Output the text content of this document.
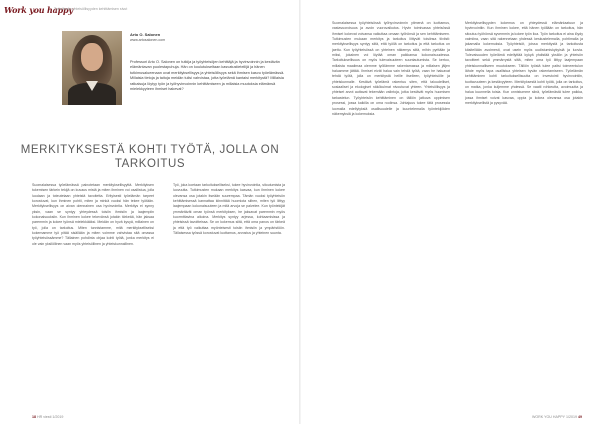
Work you happy
Työelämän yhteisöllisyyden kehittämisen sivut
Arto O. Salonen
www.artosalonen.com
Professori Arto O. Salonen on tutkija ja työyhteisöjen kehittäjä ja hyvinvoinnin ja kestävän elämäntavan puolestapuhuja. Hän on koulutukseltaan kasvatustieteilijä ja hänen tutkimusalueenaan ovat merkityksellisyys ja yhteisöllisyys sekä ihmisen kasvu työelämässä. Millaisia tietoja ja taitoja meidän tulisi vahvistaa, jotta työelämä kantaisi merkitystä? Millaisia ratkaisuja löytyy työn ja työhyvinvoinnin kehittämiseen ja millaisia muutoksia elämänsä mielekkyyteen ihmiset hakevat?
MERKITYKSESTÄ KOHTI TYÖTÄ, JOLLA ON TARKOITUS

Suomalaisessa työelämässä painotetaan merkityksellisyyttä. Merkityksen tukemisen tärkein tekijä on kuvaus mistä ja miten ihminen voi osallistua, jolla luodaan ja toteutetaan yhteistä tavoitetta. Erityisesti työelämän tarpeet korostuvat, kun ihminen pohtii, miten ja minkä vuoksi hän tekee työtään. Merkityksellisyys on aivan olennainen osa hyvinvointia. Merkitys ei synny yksin, vaan se syntyy yhteydessä toisiin ihmisiin ja laajempiin kokonaisuuksiin. Kun ihminen kokee tekevänsä jotakin tärkeää, hän jaksaa paremmin ja kokee työnsä mielekkääksi. Meidän on hyvä kysyä, millainen on työ, jolla on tarkoitus. Miten tunnistamme, mitä merkitykselliseksi kokemamme työ pitää sisällään ja miten voimme vahvistaa sitä omassa työyhteisössämme? Tällainen pohdinta ohjaa kohti työtä, jonka merkitys ei ole vain yksilöllinen vaan myös yhteisöllinen ja yhteiskunnallinen.

Työ, joka koetaan tarkoitukselliseksi, tukee hyvinvointia, sitoutumista ja luovuutta. Tutkimusten mukaan merkitys kasvaa, kun ihminen kokee olevansa osa jotakin itseään suurempaa. Tämän vuoksi työyhteisön kehittämisessä kannattaa kiinnittää huomiota siihen, miten työ liittyy laajempaan kokonaisuuteen ja mitä arvoja se palvelee. Kun työntekijät ymmärtävät oman työnsä merkityksen, he jaksavat paremmin myös kuormittavina aikoina. Merkitys syntyy arjessa, kohtaamisissa ja yhteisissä tavoitteissa. Se on kokemus siitä, että oma panos on tärkeä ja että työ vaikuttaa myönteisesti toisiin ihmisiin ja ympäristöön. Tällaisessa työssä korostuvat luottamus, arvostus ja yhteinen suunta.

Suomalaisessa työyhteisössä työhyvinvoinnin ytimenä on luottamus, vastavuoroisuus ja avoin vuorovaikutus. Hyvin toimivassa yhteisössä ihmiset kokevat voivansa vaikuttaa omaan työhönsä ja sen kehittämiseen. Tutkimusten mukaan merkitys ja tarkoitus liittyvät toisiinsa tiiviisti: merkityksellisyys syntyy siitä, että työllä on tarkoitus ja että tarkoitus on jaettu. Kun työyhteisössä on yhteinen näkemys siitä, mihin pyritään ja miksi, jokainen voi löytää oman paikkansa kokonaisuudessa. Tarkoituksellisuus on myös tulevaisuuteen suuntautumista. Se kertoo, millaista maailmaa olemme työllämme rakentamassa ja millaisen jäljen haluamme jättää. Ihmiset eivät halua vain tehdä työtä, vaan he haluavat tehdä työtä, jolla on merkitystä heille itselleen, työyhteisölle ja yhteiskunnalle. Kestävä työelämä rakentuu siten, että taloudelliset, sosiaaliset ja ekologiset näkökulmat nivoutuvat yhteen. Yhteisöllisyys ja yhteiset arvot auttavat tekemään valintoja, jotka kestävät myös huomisen tarkastelun. Työyhteisön kehittäminen on tällöin jatkuva oppimisen prosessi, jossa kaikilla on oma roolinsa. Johtajuus tukee tätä prosessia luomalla edellytyksiä osallisuudelle ja kuuntelemalla työntekijöiden näkemyksiä ja kokemuksia.

Merkityksellisyyden kokemus on yhteydessä elämänlaatuun ja hyvinvointiin. Kun ihminen kokee, että hänen työllään on tarkoitus, hän sitoutuu työhönsä syvemmin ja kokee työn iloa. Työn tarkoitus ei aina löydy valmiina, vaan sitä rakennetaan yhdessä keskustelemalla, pohtimalla ja jakamalla kokemuksia. Työyhteisöt, joissa merkitystä ja tarkoitusta käsitellään avoimesti, ovat usein myös uudistumiskykyisiä ja luovia. Tulevaisuuden työelämä edellyttää kykyä yhdistää yksilön ja yhteisön tavoitteet sekä ymmärrystä siitä, miten oma työ liittyy laajempaan yhteiskunnalliseen muutokseen. Tällöin työstä tulee paitsi toimeentulon lähde myös tapa osallistua yhteisen hyvän rakentamiseen. Työelämän kehittäminen kohti tarkoituksellisuutta on investointi hyvinvointiin, tuottavuuteen ja kestävyyteen. Merkityksestä kohti työtä, jolla on tarkoitus, on matka, jonka kuljemme yhdessä. Se vaatii rohkeutta, avoimuutta ja halua kuunnella toisia. Kun onnistumme siinä, työelämästä tulee paikka, jossa ihmiset voivat kasvaa, oppia ja kokea olevansa osa jotakin merkityksellistä ja pysyvää.

18 HR viesti 1/2019	WORK YOU HAPPY 1/2019 49
